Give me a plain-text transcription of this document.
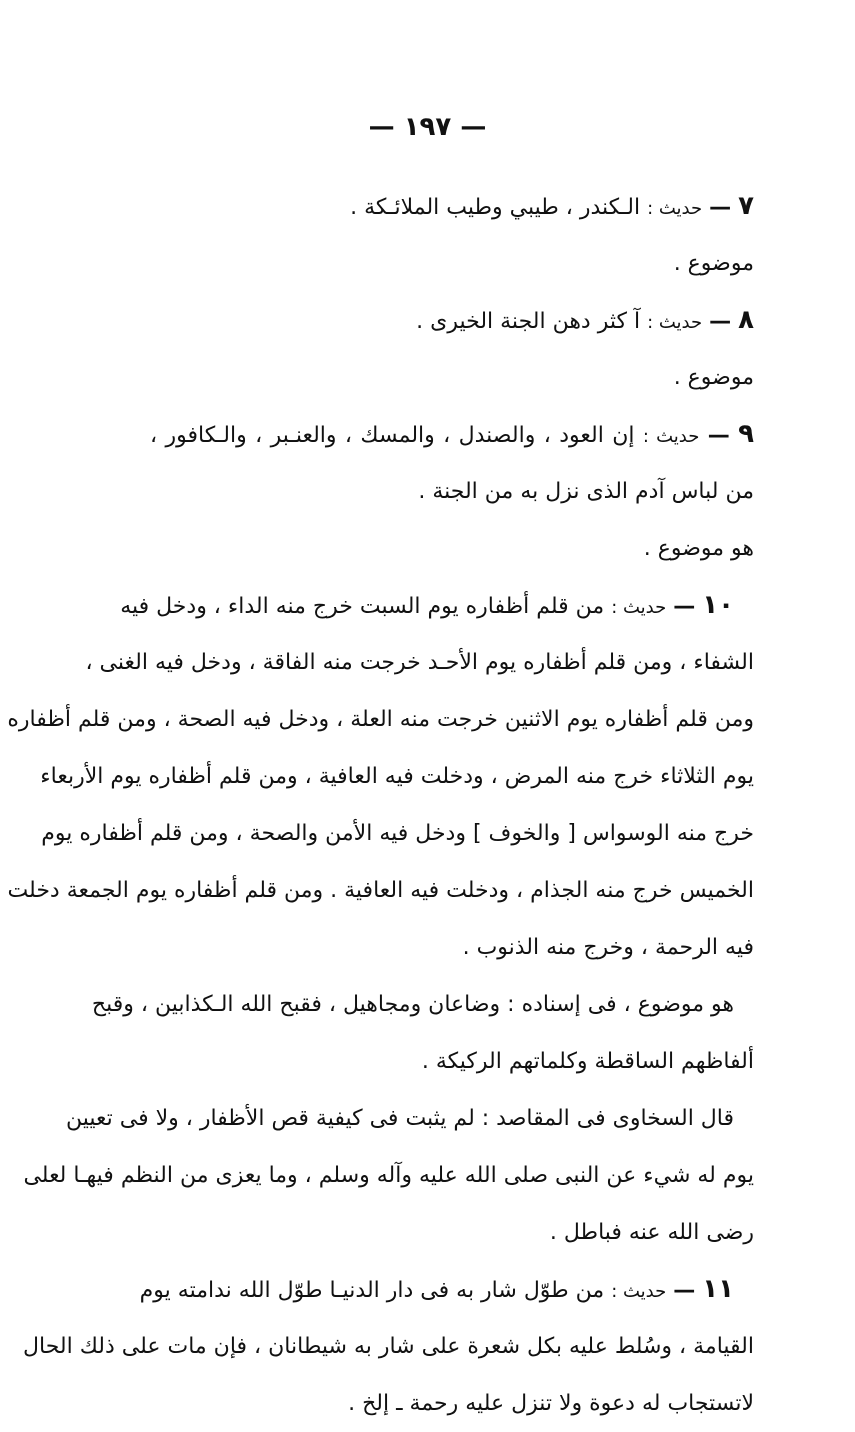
— ١٩٧ —
٧ — حديث : الـكندر ، طيبي وطيب الملائـكة .
موضوع .
٨ — حديث : آ كثر دهن الجنة الخيرى .
موضوع .
٩ — حديث : إن العود ، والصندل ، والمسك ، والعنـبر ، والـكافور ،
من لباس آدم الذى نزل به من الجنة .
هو موضوع .
١٠ — حديث : من قلم أظفاره يوم السبت خرج منه الداء ، ودخل فيه
الشفاء ، ومن قلم أظفاره يوم الأحـد خرجت منه الفاقة ، ودخل فيه الغنى ،
ومن قلم أظفاره يوم الاثنين خرجت منه العلة ، ودخل فيه الصحة ، ومن قلم أظفاره
يوم الثلاثاء خرج منه المرض ، ودخلت فيه العافية ، ومن قلم أظفاره يوم الأربعاء
خرج منه الوسواس [ والخوف ] ودخل فيه الأمن والصحة ، ومن قلم أظفاره يوم
الخميس خرج منه الجذام ، ودخلت فيه العافية . ومن قلم أظفاره يوم الجمعة دخلت
فيه الرحمة ، وخرج منه الذنوب .
هو موضوع ، فى إسناده : وضاعان ومجاهيل ، فقبح الله الـكذابين ، وقبح
ألفاظهم الساقطة وكلماتهم الركيكة .
قال السخاوى فى المقاصد : لم يثبت فى كيفية قص الأظفار ، ولا فى تعيين
يوم له شيء عن النبى صلى الله عليه وآله وسلم ، وما يعزى من النظم فيهـا لعلى
رضى الله عنه فباطل .
١١ — حديث : من طوّل شار به فى دار الدنيـا طوّل الله ندامته يوم
القيامة ، وسُلط عليه بكل شعرة على شار به شيطانان ، فإن مات على ذلك الحال
لاتستجاب له دعوة ولا تنزل عليه رحمة ـ إلخ .
